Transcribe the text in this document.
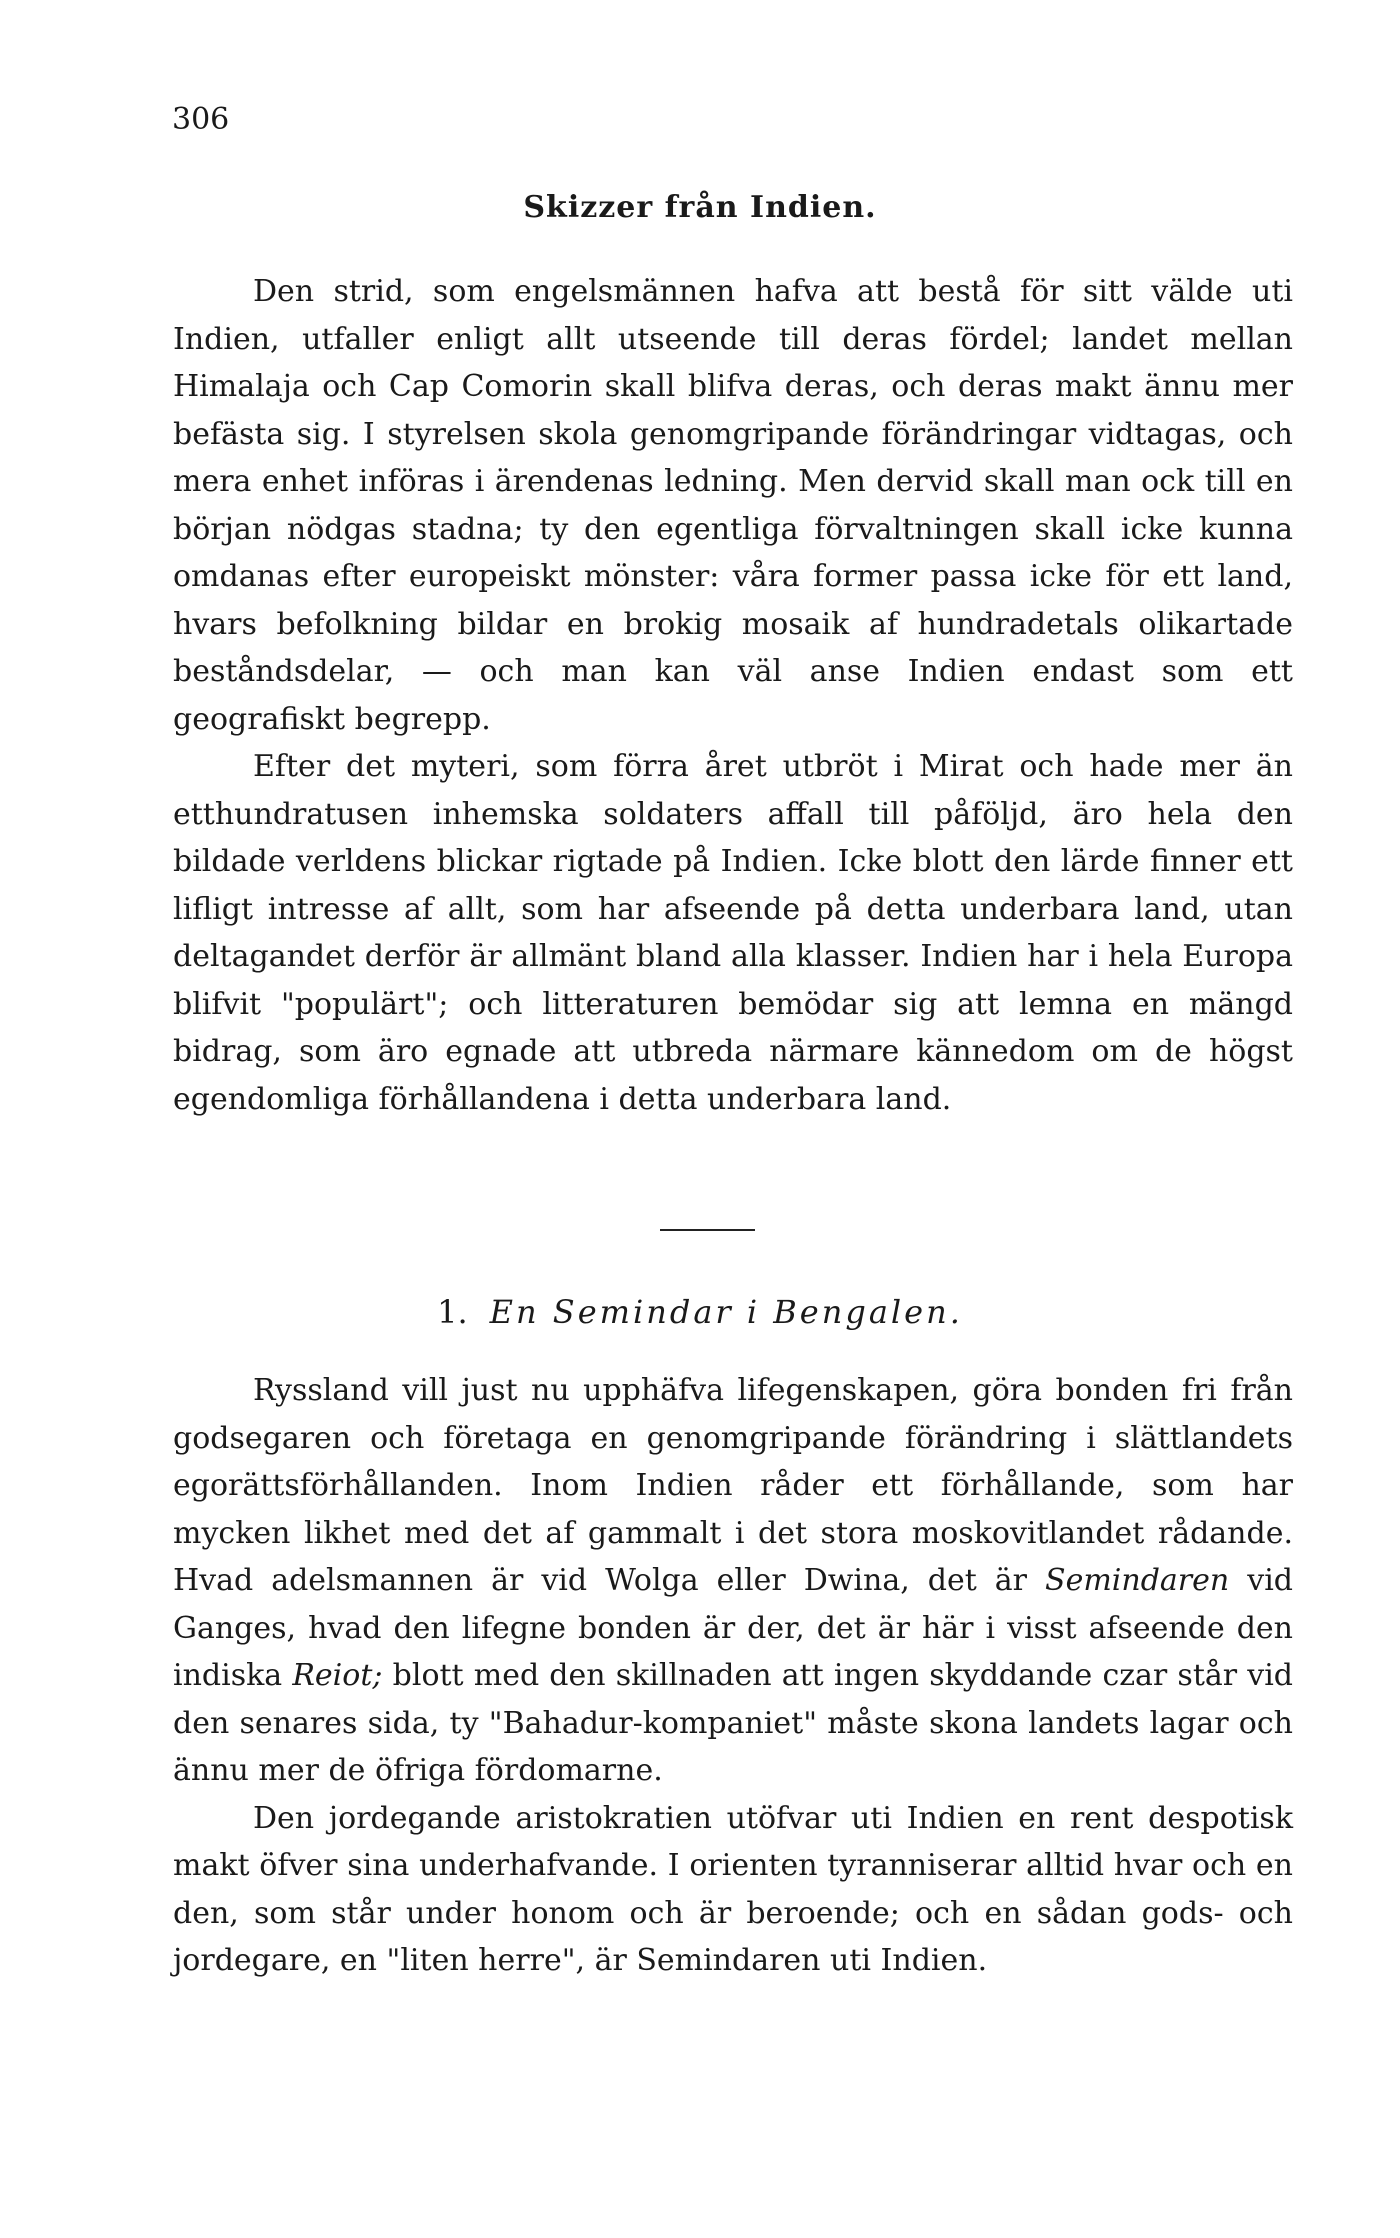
306
Skizzer från Indien.

Den strid, som engelsmännen hafva att bestå för sitt välde uti Indien, utfaller enligt allt utseende till deras fördel; landet mellan Himalaja och Cap Comorin skall blifva deras, och deras makt ännu mer befästa sig. I styrelsen skola genomgripande förändringar vidtagas, och mera enhet införas i ärendenas ledning. Men dervid skall man ock till en början nödgas stadna; ty den egentliga förvaltningen skall icke kunna omdanas efter europeiskt mönster: våra former passa icke för ett land, hvars befolkning bildar en brokig mosaik af hundradetals olikartade beståndsdelar, — och man kan väl anse Indien endast som ett geografiskt begrepp.

Efter det myteri, som förra året utbröt i Mirat och hade mer än etthundratusen inhemska soldaters affall till påföljd, äro hela den bildade verldens blickar rigtade på Indien. Icke blott den lärde finner ett lifligt intresse af allt, som har afseende på detta underbara land, utan deltagandet derför är allmänt bland alla klasser. Indien har i hela Europa blifvit "populärt"; och litteraturen bemödar sig att lemna en mängd bidrag, som äro egnade att utbreda närmare kännedom om de högst egendomliga förhållandena i detta underbara land.

1. En Semindar i Bengalen.

Ryssland vill just nu upphäfva lifegenskapen, göra bonden fri från godsegaren och företaga en genomgripande förändring i slättlandets egorättsförhållanden. Inom Indien råder ett förhållande, som har mycken likhet med det af gammalt i det stora moskovitlandet rådande. Hvad adelsmannen är vid Wolga eller Dwina, det är Semindaren vid Ganges, hvad den lifegne bonden är der, det är här i visst afseende den indiska Reiot; blott med den skillnaden att ingen skyddande czar står vid den senares sida, ty "Bahadur-kompaniet" måste skona landets lagar och ännu mer de öfriga fördomarne.

Den jordegande aristokratien utöfvar uti Indien en rent despotisk makt öfver sina underhafvande. I orienten tyranniserar alltid hvar och en den, som står under honom och är beroende; och en sådan gods- och jordegare, en "liten herre", är Semindaren uti Indien.
